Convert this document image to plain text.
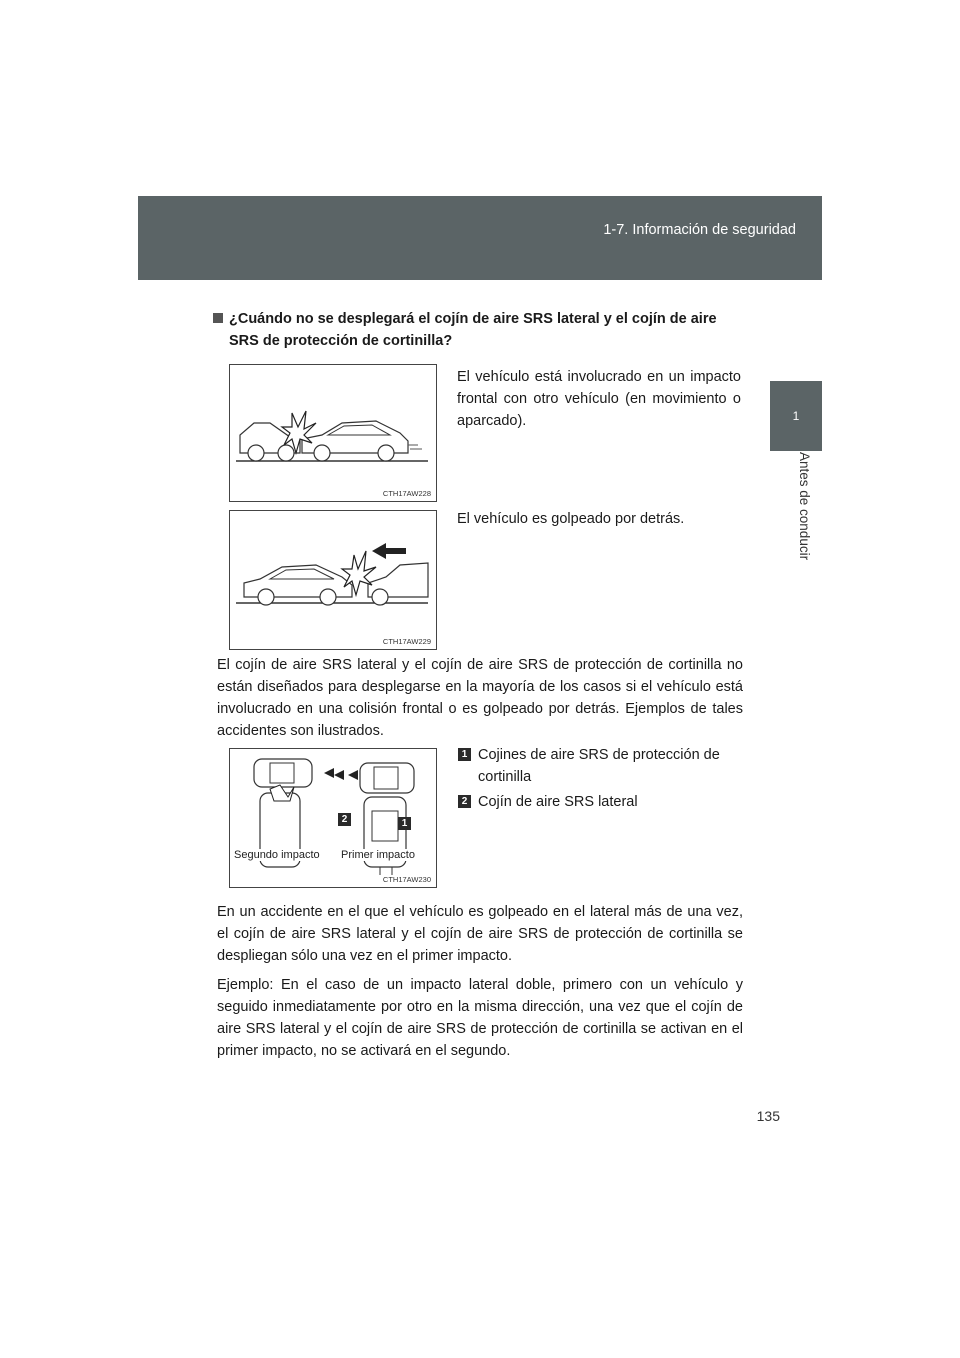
1-7. Información de seguridad
1
Antes de conducir
¿Cuándo no se desplegará el cojín de aire SRS lateral y el cojín de aire SRS de protección de cortinilla?
CTH17AW228

El vehículo está involucrado en un impacto frontal con otro vehículo (en movimiento o aparcado).

CTH17AW229

El vehículo es golpeado por detrás.

El cojín de aire SRS lateral y el cojín de aire SRS de protección de cortinilla no están diseñados para desplegarse en la mayoría de los casos si el vehículo está involucrado en una colisión frontal o es golpeado por detrás. Ejemplos de tales accidentes son ilustrados.

2	1
Segundo impacto Primer impacto
CTH17AW230
1 Cojines de aire SRS de protección de cortinilla

2 Cojín de aire SRS lateral

En un accidente en el que el vehículo es golpeado en el lateral más de una vez, el cojín de aire SRS lateral y el cojín de aire SRS de protección de cortinilla se despliegan sólo una vez en el primer impacto.

Ejemplo: En el caso de un impacto lateral doble, primero con un vehículo y seguido inmediatamente por otro en la misma dirección, una vez que el cojín de aire SRS lateral y el cojín de aire SRS de protección de cortinilla se activan en el primer impacto, no se activará en el segundo.

135
